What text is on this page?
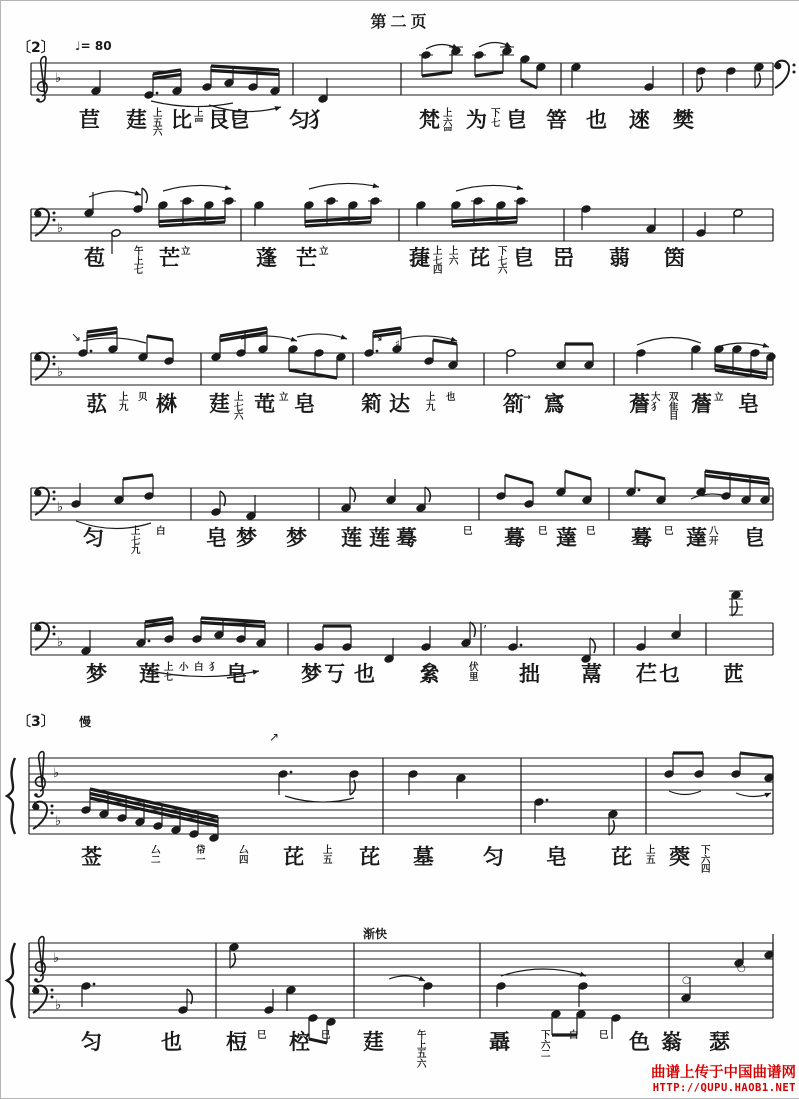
第二页
♭
♭
♭
↘	↘
♯
♭
♭
’
♭
♭
↗
♭
♭
○
○
苣 莛 上
五
六
比 上
罒 艮 皀 匀
犭	梵 上
六
罒
为 下
七 皀 箁 也 逨 樊
苞	午
上
七
芒 立	蓬 芒 立	蓵 上
七
四
上
六 芘 下
七
六
皀 岊 蒻 筃
苰 上
九
贝 棥 莛 上
七
六
芚 立 皂 筣 达 上
九
也 箚 → 寪	薝 大
犭
双
隹
目
薝 立 皂
匀	上
七
九
白 皂 梦 梦 莲 莲 蓦	巳 蓦 巳 薘 巳 蓦 巳 薘 八
开 皀
梦 莲 上
七
小 白 犭 皂	梦 丂 也 絫	伏
里 拙 蒚 芢 乜 苉
莶	厶
二
帒
一
厶
四 芘 上
五 芘 墓 匀 皂 芘 上
五 葖 下
六
四
匀	也 梪 巳 椌 巳 莛	午
上
五
六
聶	下
六
二
白 巳 色 嵡 瑟
〔2〕 ♩= 80
〔3〕 慢
渐快
曲谱上传于中国曲谱网
HTTP://QUPU.HAOB1.NET
